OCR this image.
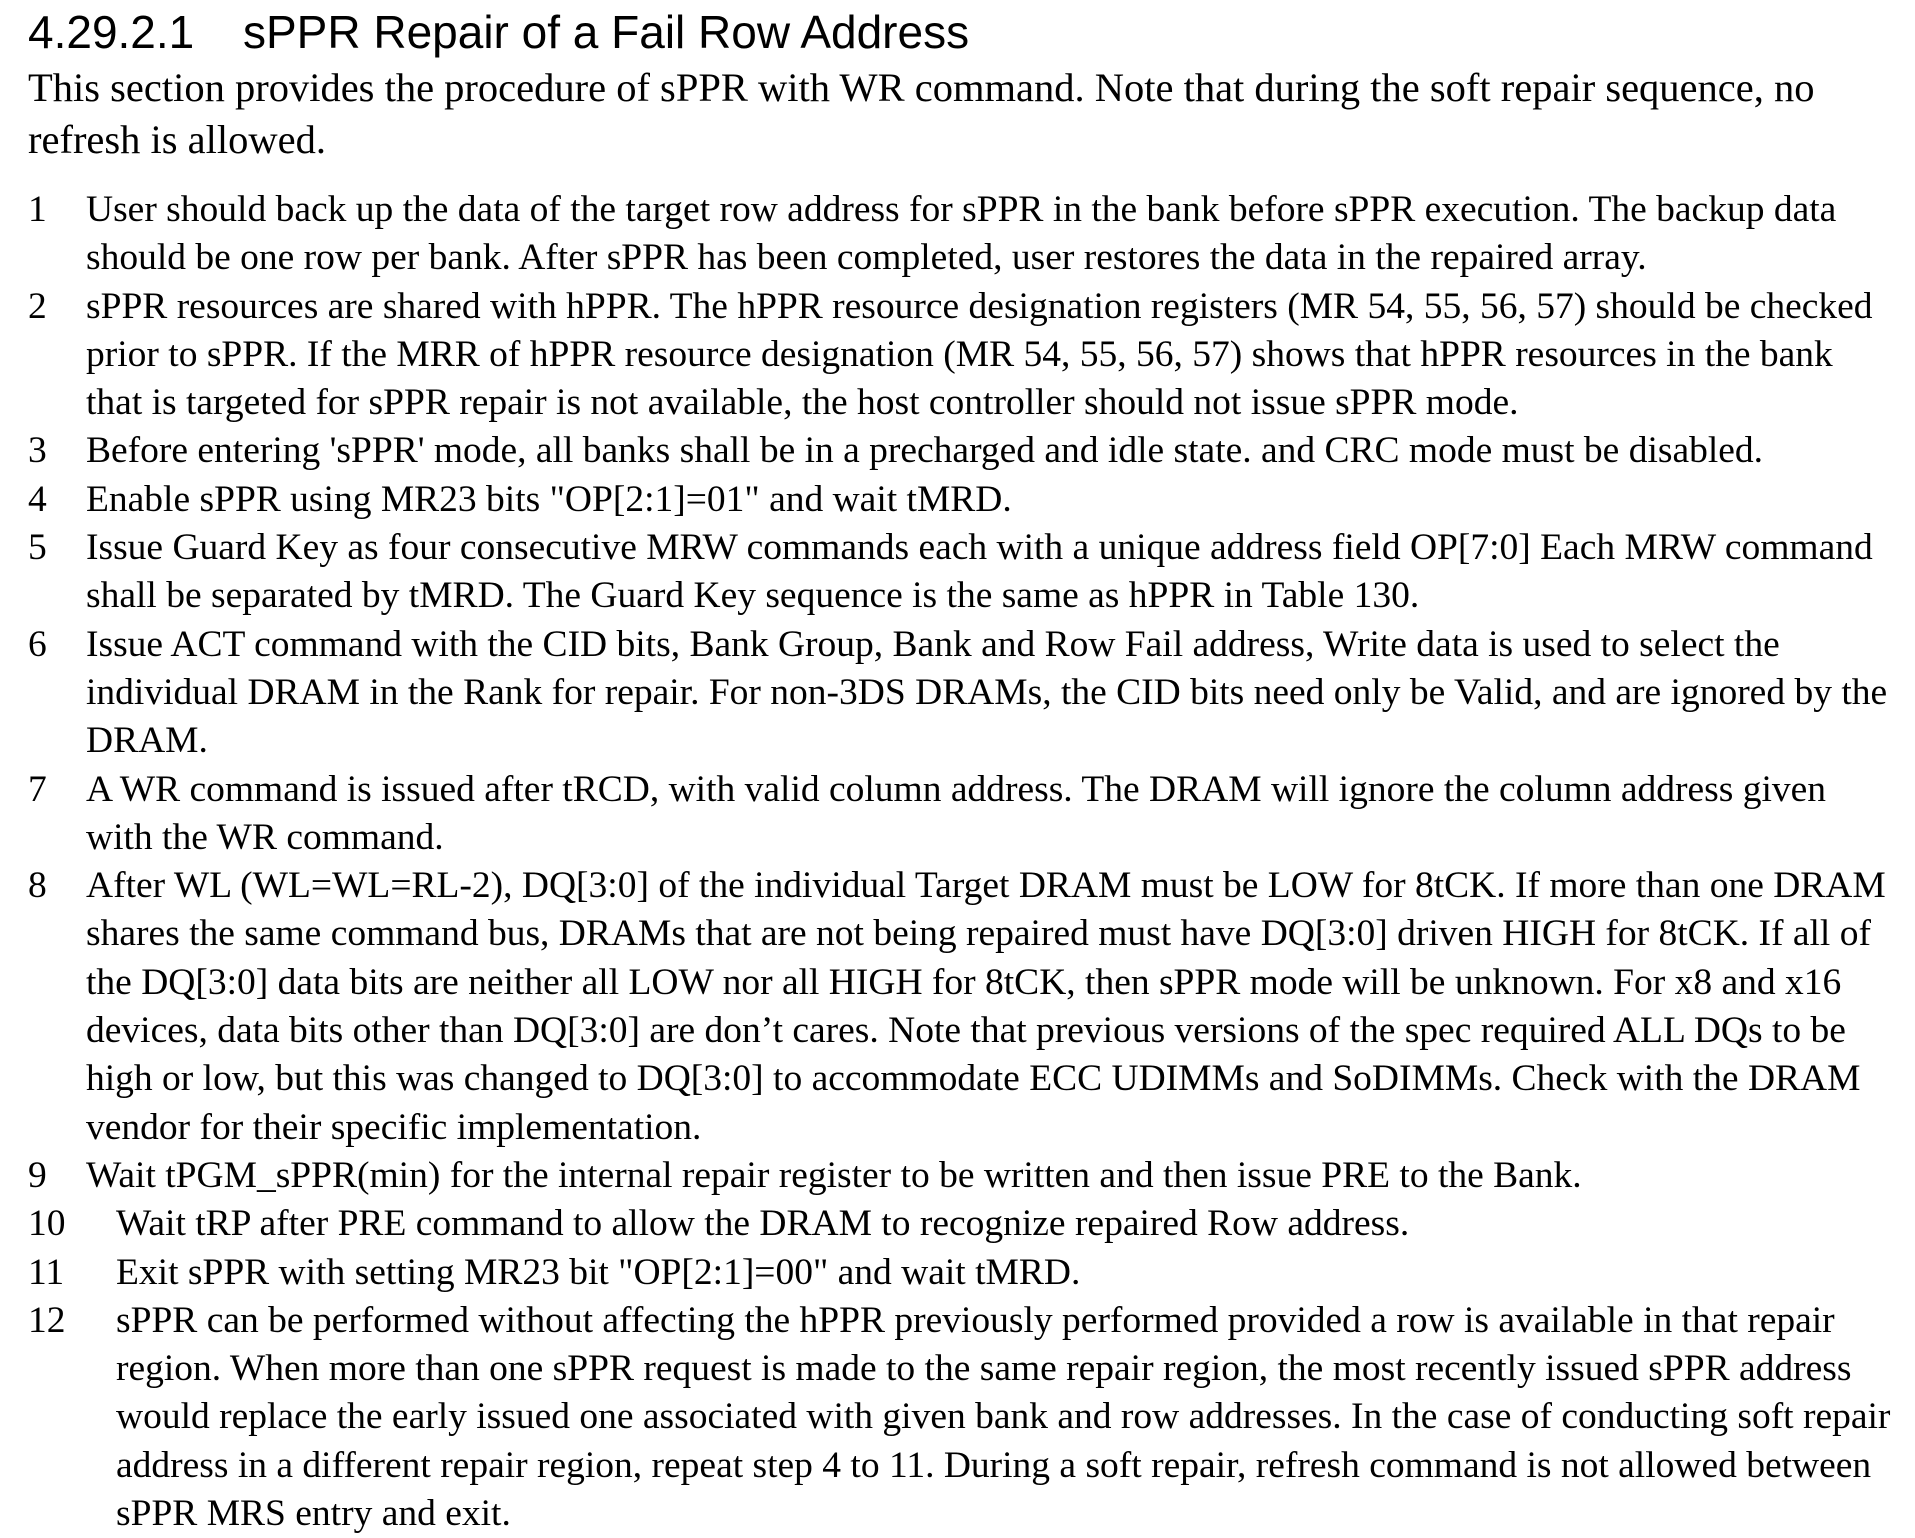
4.29.2.1 sPPR Repair of a Fail Row Address

This section provides the procedure of sPPR with WR command. Note that during the soft repair sequence, no refresh is allowed.

1	User should back up the data of the target row address for sPPR in the bank before sPPR execution. The backup data should be one row per bank. After sPPR has been completed, user restores the data in the repaired array.
2	sPPR resources are shared with hPPR. The hPPR resource designation registers (MR 54, 55, 56, 57) should be checked prior to sPPR. If the MRR of hPPR resource designation (MR 54, 55, 56, 57) shows that hPPR resources in the bank that is targeted for sPPR repair is not available, the host controller should not issue sPPR mode.
3	Before entering 'sPPR' mode, all banks shall be in a precharged and idle state. and CRC mode must be disabled.
4	Enable sPPR using MR23 bits "OP[2:1]=01" and wait tMRD.
5	Issue Guard Key as four consecutive MRW commands each with a unique address field OP[7:0] Each MRW command shall be separated by tMRD. The Guard Key sequence is the same as hPPR in Table 130.
6	Issue ACT command with the CID bits, Bank Group, Bank and Row Fail address, Write data is used to select the individual DRAM in the Rank for repair. For non-3DS DRAMs, the CID bits need only be Valid, and are ignored by the DRAM.
7	A WR command is issued after tRCD, with valid column address. The DRAM will ignore the column address given with the WR command.
8	After WL (WL=WL=RL-2), DQ[3:0] of the individual Target DRAM must be LOW for 8tCK. If more than one DRAM shares the same command bus, DRAMs that are not being repaired must have DQ[3:0] driven HIGH for 8tCK. If all of the DQ[3:0] data bits are neither all LOW nor all HIGH for 8tCK, then sPPR mode will be unknown. For x8 and x16 devices, data bits other than DQ[3:0] are don’t cares. Note that previous versions of the spec required ALL DQs to be high or low, but this was changed to DQ[3:0] to accommodate ECC UDIMMs and SoDIMMs. Check with the DRAM vendor for their specific implementation.
9	Wait tPGM_sPPR(min) for the internal repair register to be written and then issue PRE to the Bank.
10	Wait tRP after PRE command to allow the DRAM to recognize repaired Row address.
11	Exit sPPR with setting MR23 bit "OP[2:1]=00" and wait tMRD.
12	sPPR can be performed without affecting the hPPR previously performed provided a row is available in that repair region. When more than one sPPR request is made to the same repair region, the most recently issued sPPR address would replace the early issued one associated with given bank and row addresses. In the case of conducting soft repair address in a different repair region, repeat step 4 to 11. During a soft repair, refresh command is not allowed between sPPR MRS entry and exit.
